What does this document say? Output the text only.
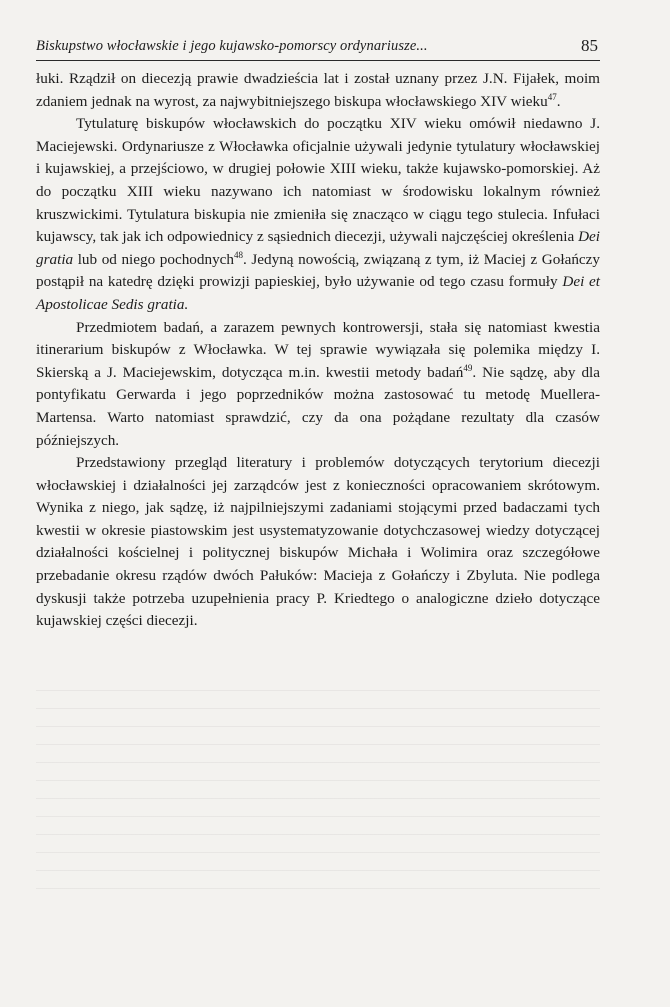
Biskupstwo włocławskie i jego kujawsko-pomorscy ordynariusze...	85

łuki. Rządził on diecezją prawie dwadzieścia lat i został uznany przez J.N. Fijałek, moim zdaniem jednak na wyrost, za najwybitniejszego biskupa włocławskiego XIV wieku$^{47}$.

Tytulaturę biskupów włocławskich do początku XIV wieku omówił niedawno J. Maciejewski. Ordynariusze z Włocławka oficjalnie używali jedynie tytulatury włocławskiej i kujawskiej, a przejściowo, w drugiej połowie XIII wieku, także kujawsko-pomorskiej. Aż do początku XIII wieku nazywano ich natomiast w środowisku lokalnym również kruszwickimi. Tytulatura biskupia nie zmieniła się znacząco w ciągu tego stulecia. Infułaci kujawscy, tak jak ich odpowiednicy z sąsiednich diecezji, używali najczęściej określenia Dei gratia lub od niego pochodnych$^{48}$. Jedyną nowością, związaną z tym, iż Maciej z Gołańczy postąpił na katedrę dzięki prowizji papieskiej, było używanie od tego czasu formuły Dei et Apostolicae Sedis gratia.

Przedmiotem badań, a zarazem pewnych kontrowersji, stała się natomiast kwestia itinerarium biskupów z Włocławka. W tej sprawie wywiązała się polemika między I. Skierską a J. Maciejewskim, dotycząca m.in. kwestii metody badań$^{49}$. Nie sądzę, aby dla pontyfikatu Gerwarda i jego poprzedników można zastosować tu metodę Muellera-Martensa. Warto natomiast sprawdzić, czy da ona pożądane rezultaty dla czasów późniejszych.

Przedstawiony przegląd literatury i problemów dotyczących terytorium diecezji włocławskiej i działalności jej zarządców jest z konieczności opracowaniem skrótowym. Wynika z niego, jak sądzę, iż najpilniejszymi zadaniami stojącymi przed badaczami tych kwestii w okresie piastowskim jest usystematyzowanie dotychczasowej wiedzy dotyczącej działalności kościelnej i politycznej biskupów Michała i Wolimira oraz szczegółowe przebadanie okresu rządów dwóch Pałuków: Macieja z Gołańczy i Zbyluta. Nie podlega dyskusji także potrzeba uzupełnienia pracy P. Kriedtego o analogiczne dzieło dotyczące kujawskiej części diecezji.
